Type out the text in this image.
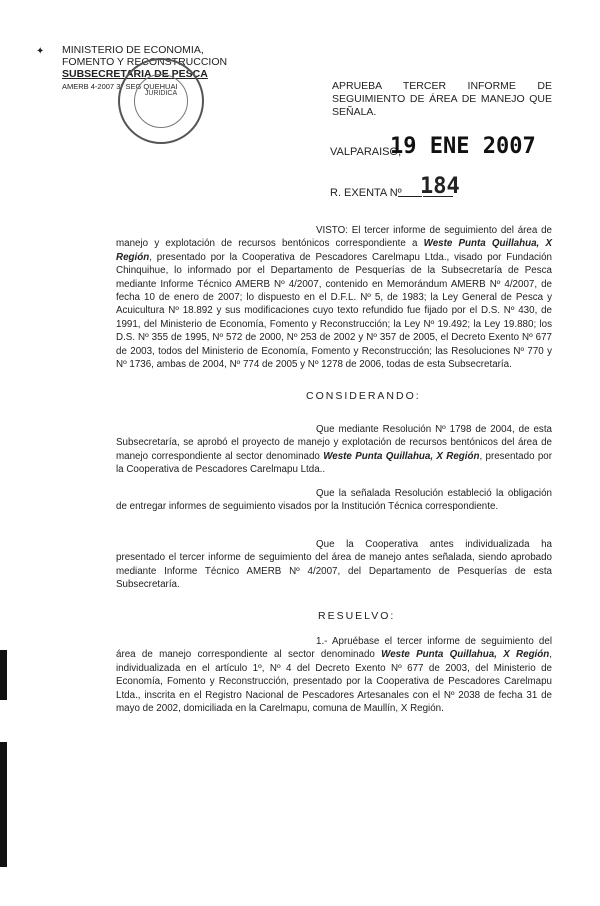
✦ MINISTERIO DE ECONOMIA,
FOMENTO Y RECONSTRUCCION
SUBSECRETARIA DE PESCA
AMERB 4-2007 3° SEG QUEHUAI
JURIDICA
APRUEBA TERCER INFORME DE SEGUIMIENTO DE ÁREA DE MANEJO QUE SEÑALA.
VALPARAISO,
19 ENE 2007
R. EXENTA Nº 184
VISTO: El tercer informe de seguimiento del área de manejo y explotación de recursos bentónicos correspondiente a Weste Punta Quillahua, X Región, presentado por la Cooperativa de Pescadores Carelmapu Ltda., visado por Fundación Chinquihue, lo informado por el Departamento de Pesquerías de la Subsecretaría de Pesca mediante Informe Técnico AMERB Nº 4/2007, contenido en Memorándum AMERB Nº 4/2007, de fecha 10 de enero de 2007; lo dispuesto en el D.F.L. Nº 5, de 1983; la Ley General de Pesca y Acuicultura Nº 18.892 y sus modificaciones cuyo texto refundido fue fijado por el D.S. Nº 430, de 1991, del Ministerio de Economía, Fomento y Reconstrucción; la Ley Nº 19.492; la Ley 19.880; los D.S. Nº 355 de 1995, Nº 572 de 2000, Nº 253 de 2002 y Nº 357 de 2005, el Decreto Exento Nº 677 de 2003, todos del Ministerio de Economía, Fomento y Reconstrucción; las Resoluciones Nº 770 y Nº 1736, ambas de 2004, Nº 774 de 2005 y Nº 1278 de 2006, todas de esta Subsecretaría.
CONSIDERANDO:
Que mediante Resolución Nº 1798 de 2004, de esta Subsecretaría, se aprobó el proyecto de manejo y explotación de recursos bentónicos del área de manejo correspondiente al sector denominado Weste Punta Quillahua, X Región, presentado por la Cooperativa de Pescadores Carelmapu Ltda..
Que la señalada Resolución estableció la obligación de entregar informes de seguimiento visados por la Institución Técnica correspondiente.
Que la Cooperativa antes individualizada ha presentado el tercer informe de seguimiento del área de manejo antes señalada, siendo aprobado mediante Informe Técnico AMERB Nº 4/2007, del Departamento de Pesquerías de esta Subsecretaría.
RESUELVO:
1.- Apruébase el tercer informe de seguimiento del área de manejo correspondiente al sector denominado Weste Punta Quillahua, X Región, individualizada en el artículo 1º, Nº 4 del Decreto Exento Nº 677 de 2003, del Ministerio de Economía, Fomento y Reconstrucción, presentado por la Cooperativa de Pescadores Carelmapu Ltda., inscrita en el Registro Nacional de Pescadores Artesanales con el Nº 2038 de fecha 31 de mayo de 2002, domiciliada en la Carelmapu, comuna de Maullín, X Región.
